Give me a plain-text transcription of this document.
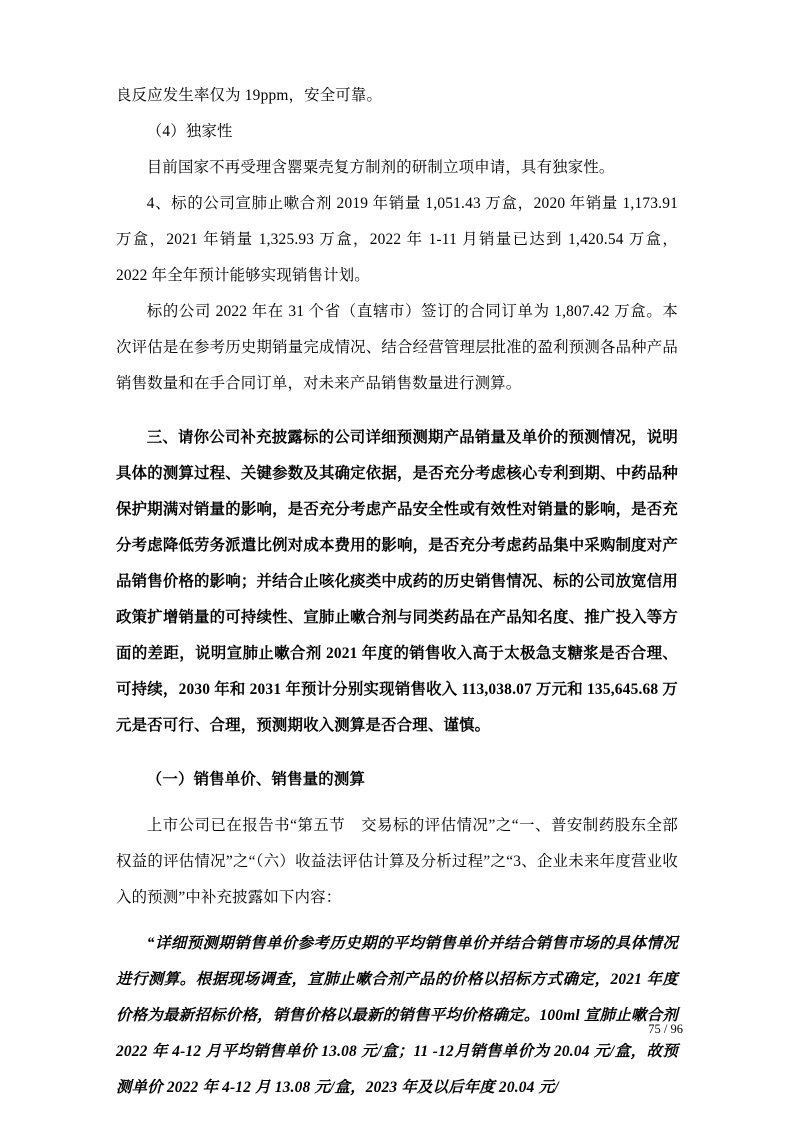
良反应发生率仅为 19ppm，安全可靠。

（4）独家性

目前国家不再受理含罂粟壳复方制剂的研制立项申请，具有独家性。

4、标的公司宣肺止嗽合剂 2019 年销量 1,051.43 万盒，2020 年销量 1,173.91 万盒，2021 年销量 1,325.93 万盒，2022 年 1-11 月销量已达到 1,420.54 万盒，2022 年全年预计能够实现销售计划。

标的公司 2022 年在 31 个省（直辖市）签订的合同订单为 1,807.42 万盒。本次评估是在参考历史期销量完成情况、结合经营管理层批准的盈利预测各品种产品销售数量和在手合同订单，对未来产品销售数量进行测算。

三、请你公司补充披露标的公司详细预测期产品销量及单价的预测情况，说明具体的测算过程、关键参数及其确定依据，是否充分考虑核心专利到期、中药品种保护期满对销量的影响，是否充分考虑产品安全性或有效性对销量的影响，是否充分考虑降低劳务派遣比例对成本费用的影响，是否充分考虑药品集中采购制度对产品销售价格的影响；并结合止咳化痰类中成药的历史销售情况、标的公司放宽信用政策扩增销量的可持续性、宣肺止嗽合剂与同类药品在产品知名度、推广投入等方面的差距，说明宣肺止嗽合剂 2021 年度的销售收入高于太极急支糖浆是否合理、可持续，2030 年和 2031 年预计分别实现销售收入 113,038.07 万元和 135,645.68 万元是否可行、合理，预测期收入测算是否合理、谨慎。

（一）销售单价、销售量的测算

上市公司已在报告书“第五节　交易标的评估情况”之“一、普安制药股东全部权益的评估情况”之“（六）收益法评估计算及分析过程”之“3、企业未来年度营业收入的预测”中补充披露如下内容：

“详细预测期销售单价参考历史期的平均销售单价并结合销售市场的具体情况进行测算。根据现场调查，宣肺止嗽合剂产品的价格以招标方式确定，2021 年度价格为最新招标价格，销售价格以最新的销售平均价格确定。100ml 宣肺止嗽合剂 2022 年 4-12 月平均销售单价 13.08 元/盒；11 -12月销售单价为 20.04 元/盒，故预测单价 2022 年 4-12 月 13.08 元/盒，2023 年及以后年度 20.04 元/

75 / 96
